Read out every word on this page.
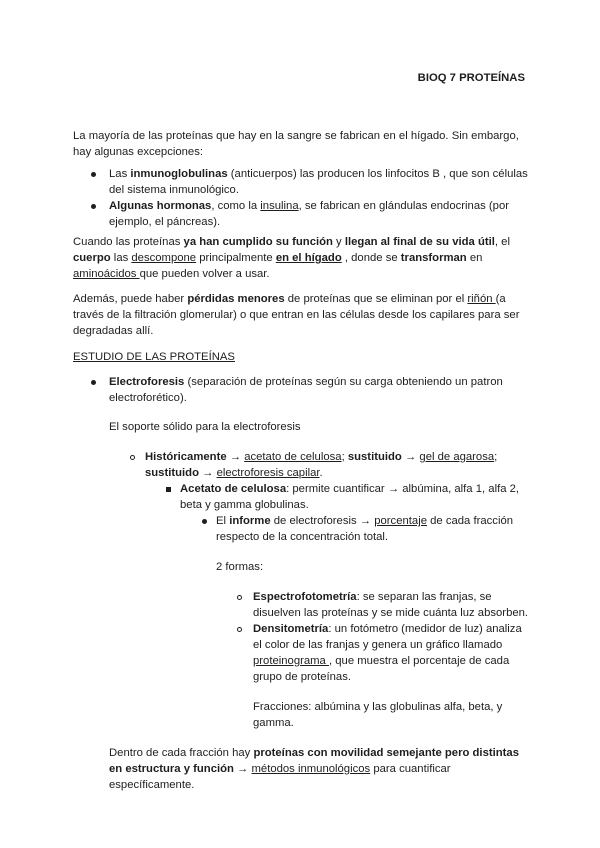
BIOQ 7 PROTEÍNAS

La mayoría de las proteínas que hay en la sangre se fabrican en el hígado. Sin embargo, hay algunas excepciones:

Las inmunoglobulinas (anticuerpos) las producen los linfocitos B , que son células del sistema inmunológico.
Algunas hormonas, como la insulina, se fabrican en glándulas endocrinas (por ejemplo, el páncreas).

Cuando las proteínas ya han cumplido su función y llegan al final de su vida útil, el cuerpo las descompone principalmente en el hígado , donde se transforman en aminoácidos que pueden volver a usar.

Además, puede haber pérdidas menores de proteínas que se eliminan por el riñón (a través de la filtración glomerular) o que entran en las células desde los capilares para ser degradadas allí.

ESTUDIO DE LAS PROTEÍNAS
Electroforesis (separación de proteínas según su carga obteniendo un patron electroforético).
El soporte sólido para la electroforesis
Históricamente → acetato de celulosa; sustituido → gel de agarosa; sustituido → electroforesis capilar.
Acetato de celulosa: permite cuantificar → albúmina, alfa 1, alfa 2, beta y gamma globulinas.
El informe de electroforesis → porcentaje de cada fracción respecto de la concentración total.
2 formas:
Espectrofotometría: se separan las franjas, se disuelven las proteínas y se mide cuánta luz absorben.
Densitometría: un fotómetro (medidor de luz) analiza el color de las franjas y genera un gráfico llamado proteinograma , que muestra el porcentaje de cada grupo de proteínas.
Fracciones: albúmina y las globulinas alfa, beta, y gamma.
Dentro de cada fracción hay proteínas con movilidad semejante pero distintas en estructura y función → métodos inmunológicos para cuantificar específicamente.
